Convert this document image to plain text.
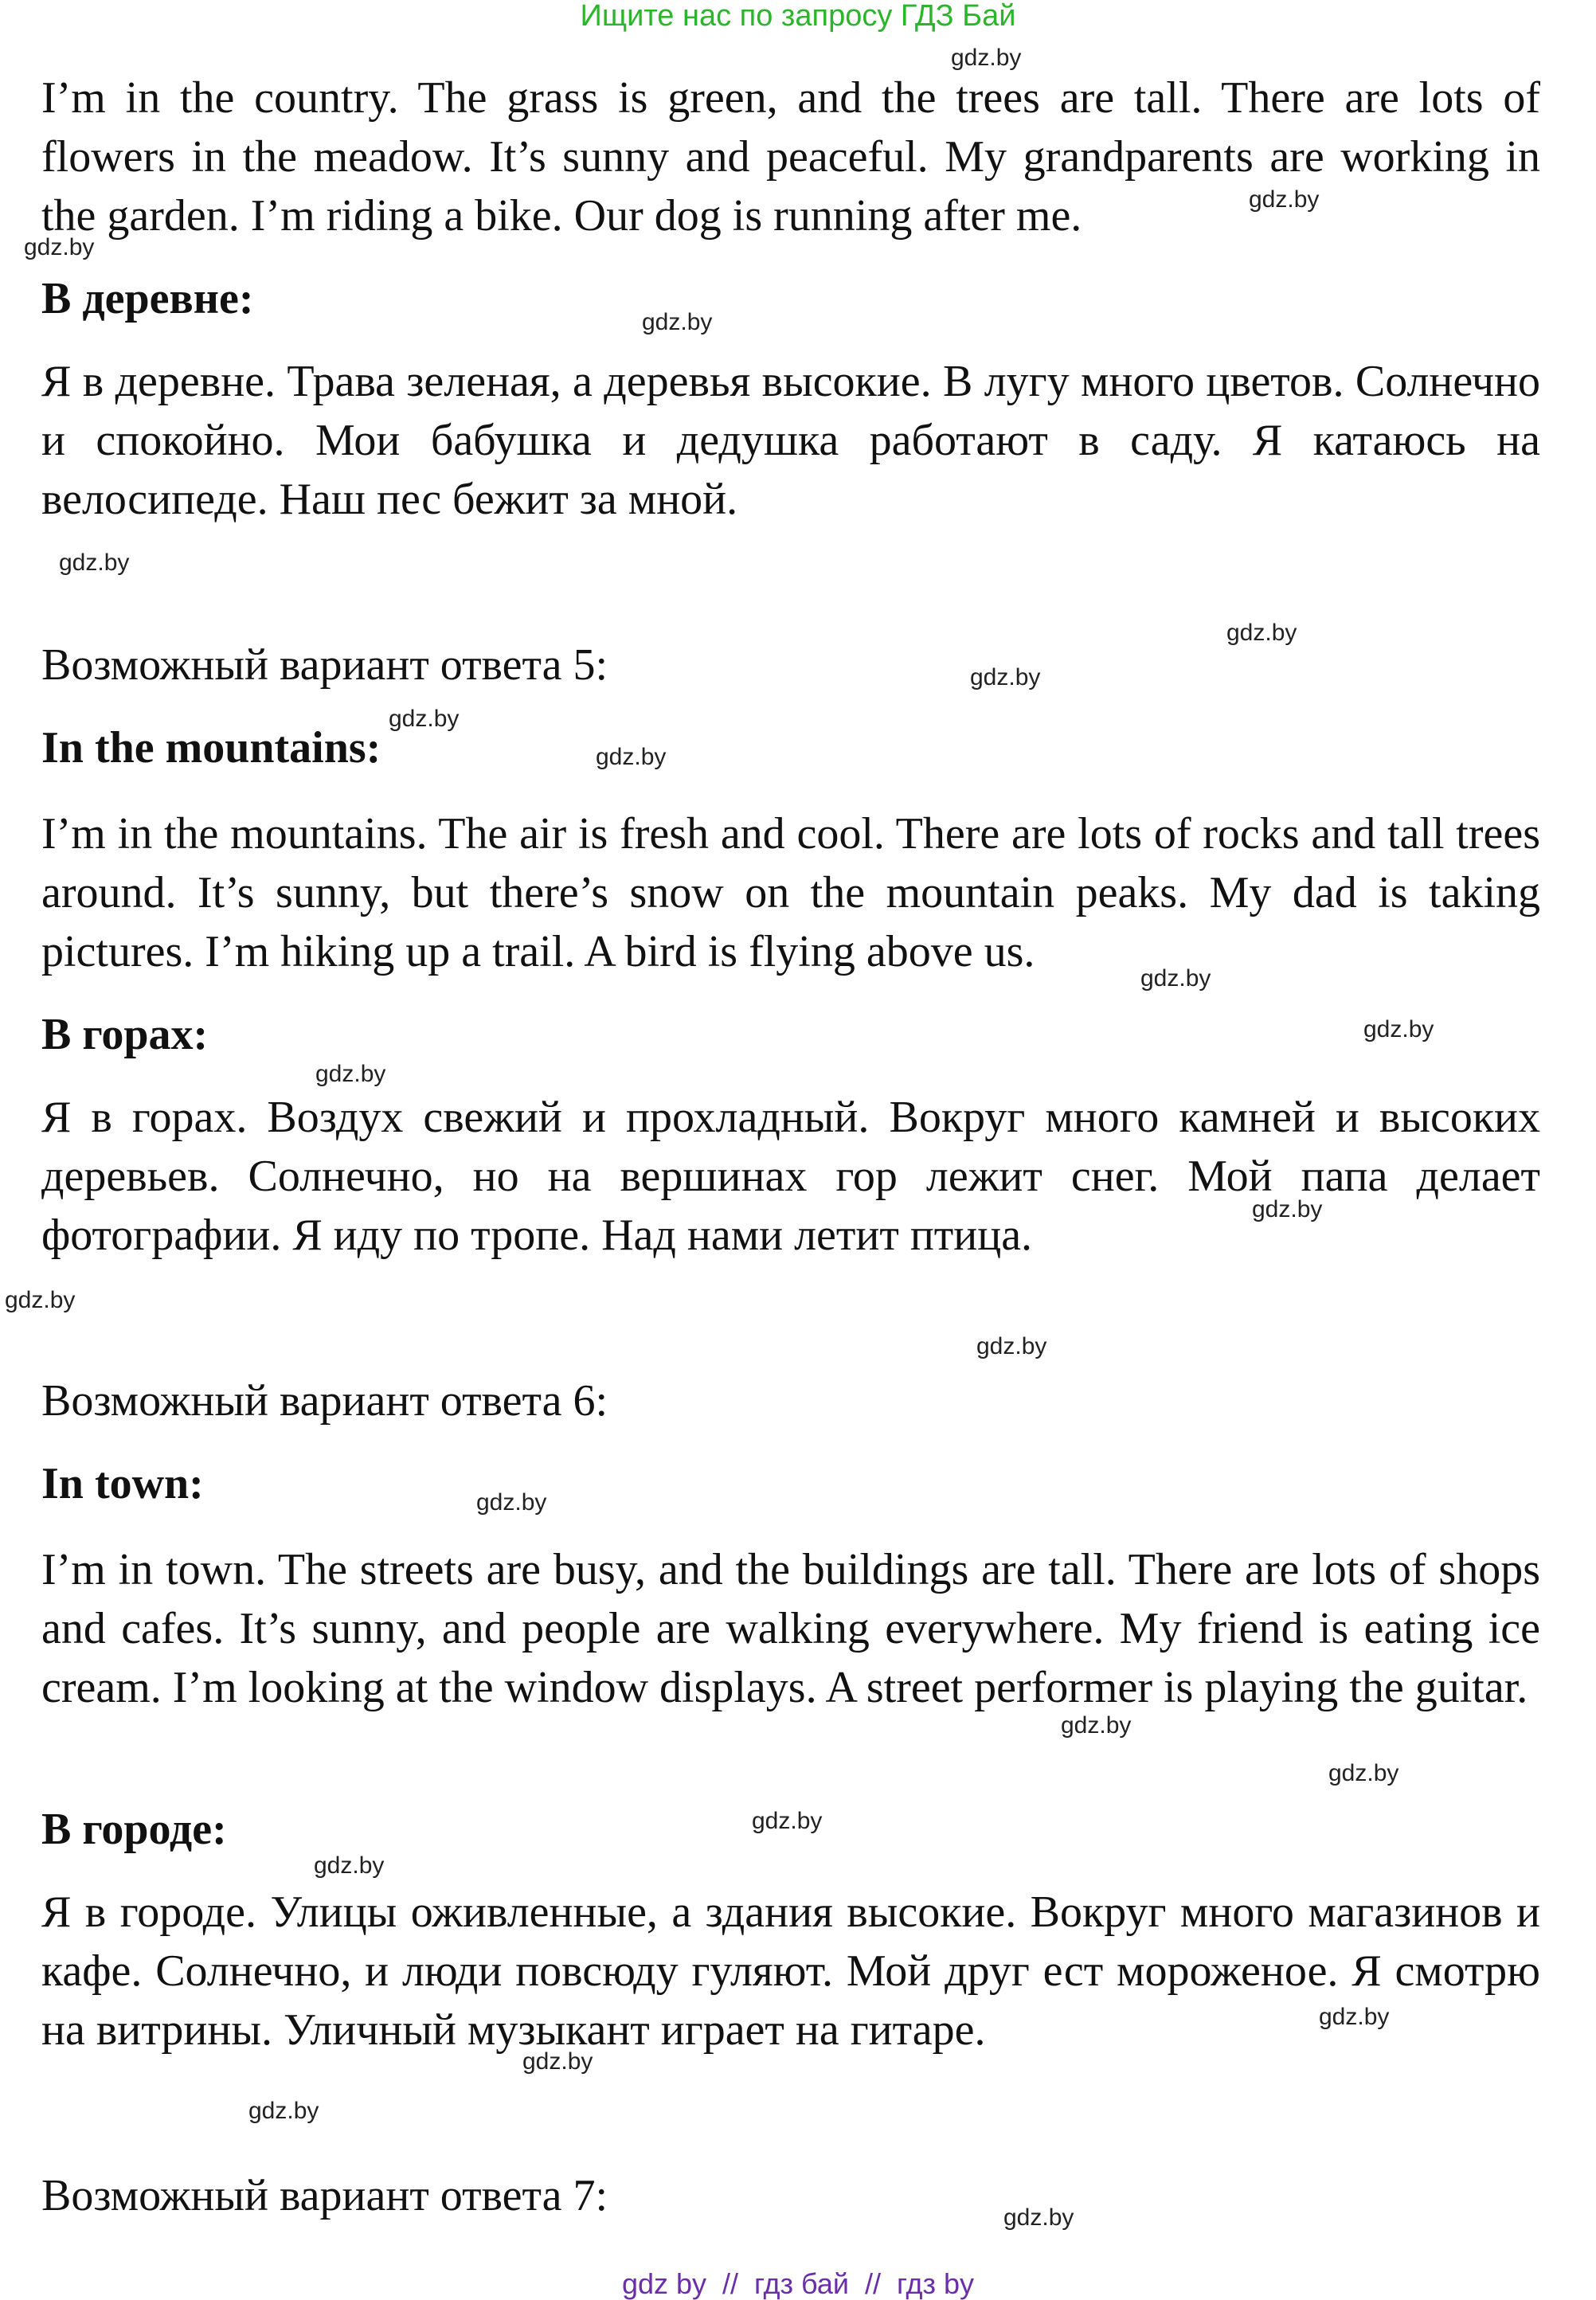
Ищите нас по запросу ГДЗ Бай

I’m in the country. The grass is green, and the trees are tall. There are lots of flowers in the meadow. It’s sunny and peaceful. My grandparents are working in the garden. I’m riding a bike. Our dog is running after me.

В деревне:

Я в деревне. Трава зеленая, а деревья высокие. В лугу много цветов. Солнечно и спокойно. Мои бабушка и дедушка работают в саду. Я катаюсь на велосипеде. Наш пес бежит за мной.

Возможный вариант ответа 5:

In the mountains:

I’m in the mountains. The air is fresh and cool. There are lots of rocks and tall trees around. It’s sunny, but there’s snow on the mountain peaks. My dad is taking pictures. I’m hiking up a trail. A bird is flying above us.

В горах:

Я в горах. Воздух свежий и прохладный. Вокруг много камней и высоких деревьев. Солнечно, но на вершинах гор лежит снег. Мой папа делает фотографии. Я иду по тропе. Над нами летит птица.

Возможный вариант ответа 6:

In town:

I’m in town. The streets are busy, and the buildings are tall. There are lots of shops and cafes. It’s sunny, and people are walking everywhere. My friend is eating ice cream. I’m looking at the window displays. A street performer is playing the guitar.

В городе:

Я в городе. Улицы оживленные, а здания высокие. Вокруг много магазинов и кафе. Солнечно, и люди повсюду гуляют. Мой друг ест мороженое. Я смотрю на витрины. Уличный музыкант играет на гитаре.

Возможный вариант ответа 7:

gdz.by
gdz.by
gdz.by
gdz.by
gdz.by
gdz.by
gdz.by
gdz.by
gdz.by
gdz.by
gdz.by
gdz.by
gdz.by
gdz.by
gdz.by
gdz.by
gdz.by
gdz.by
gdz.by
gdz.by
gdz.by
gdz.by
gdz.by
gdz.by
gdz by  //  гдз бай  //  гдз by
